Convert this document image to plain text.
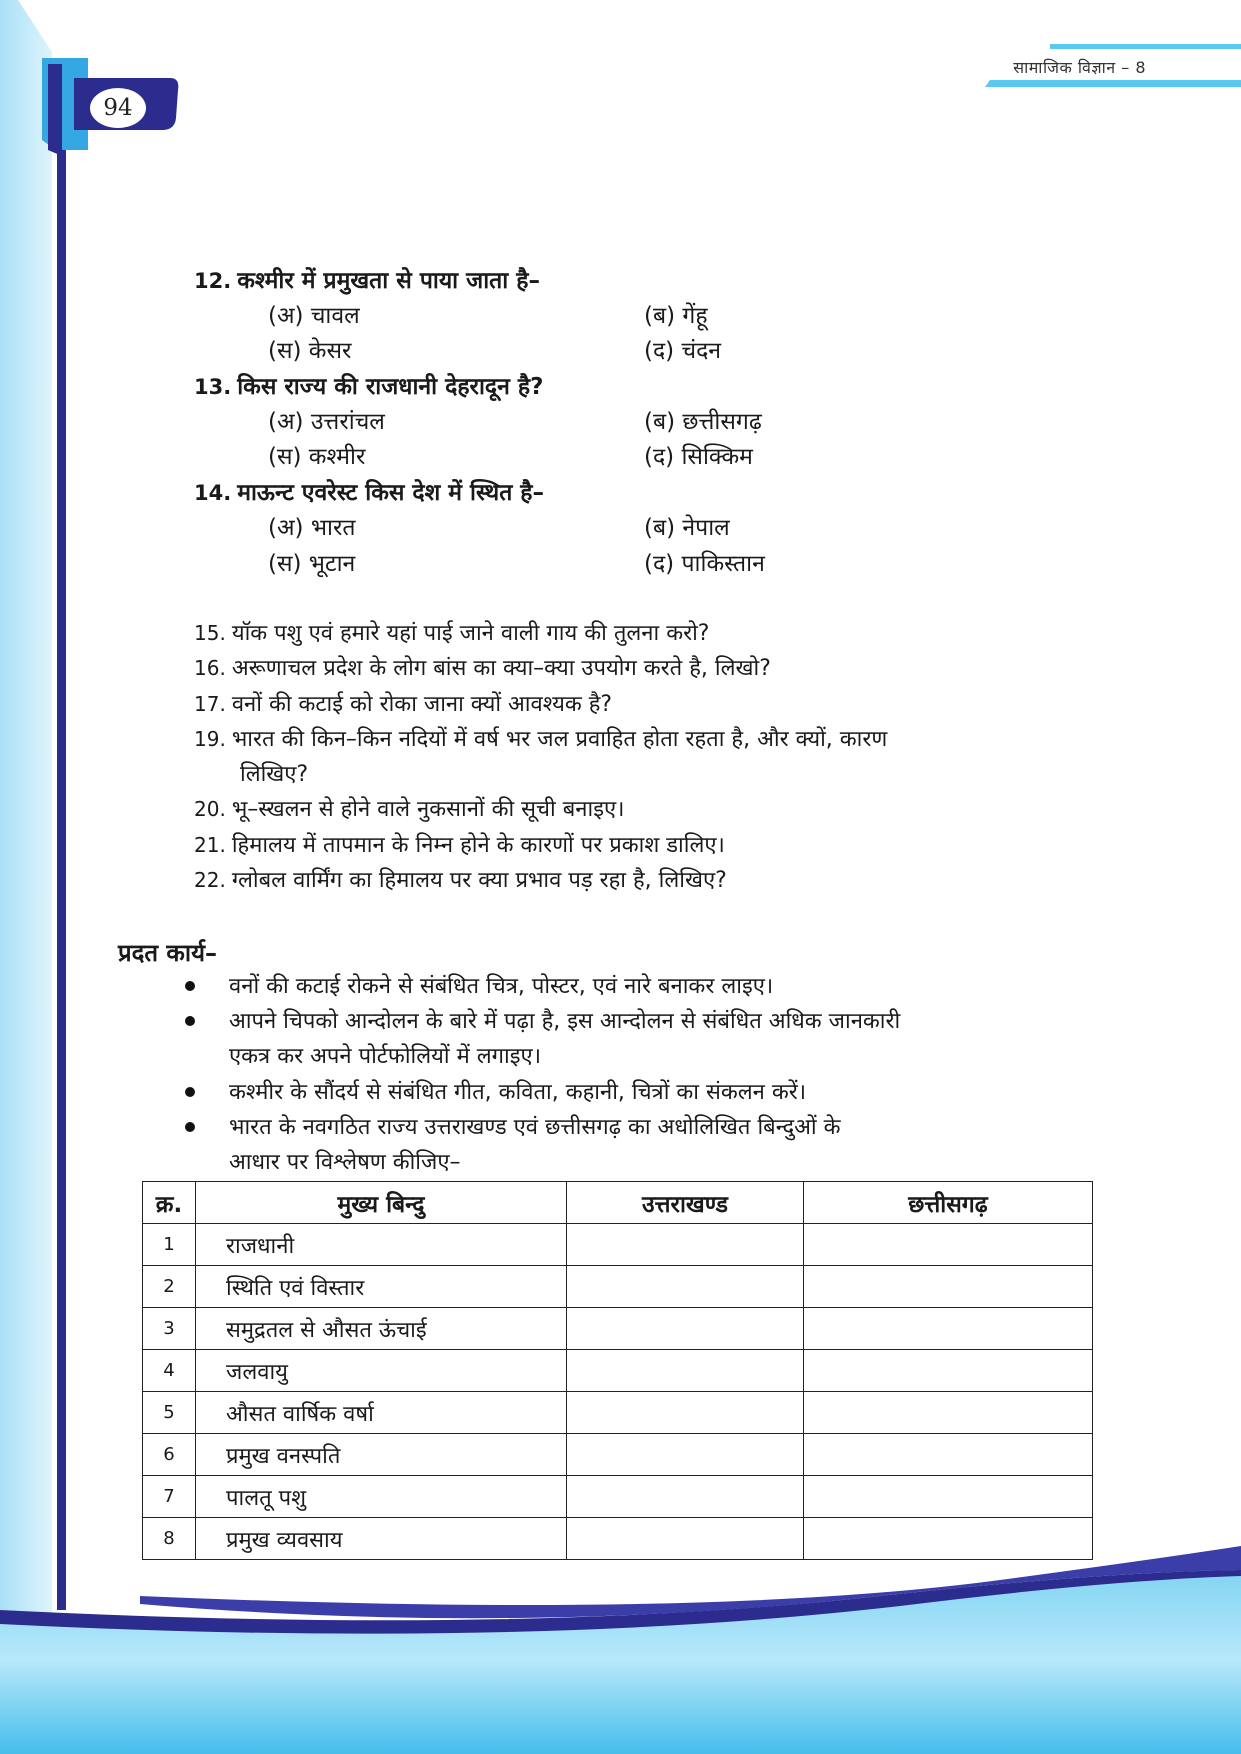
94
सामाजिक विज्ञान – 8
12. कश्मीर में प्रमुखता से पाया जाता है–
(अ) चावल	(ब) गेंहू
(स) केसर	(द) चंदन
13. किस राज्य की राजधानी देहरादून है?
(अ) उत्तरांचल	(ब) छत्तीसगढ़
(स) कश्मीर	(द) सिक्किम
14. माऊन्ट एवरेस्ट किस देश में स्थित है–
(अ) भारत	(ब) नेपाल
(स) भूटान	(द) पाकिस्तान
15. यॉक पशु एवं हमारे यहां पाई जाने वाली गाय की तुलना करो?
16. अरूणाचल प्रदेश के लोग बांस का क्या–क्या उपयोग करते है, लिखो?
17. वनों की कटाई को रोका जाना क्यों आवश्यक है?
19. भारत की किन–किन नदियों में वर्ष भर जल प्रवाहित होता रहता है, और क्यों, कारण
लिखिए?
20. भू–स्खलन से होने वाले नुकसानों की सूची बनाइए।
21. हिमालय में तापमान के निम्न होने के कारणों पर प्रकाश डालिए।
22. ग्लोबल वार्मिंग का हिमालय पर क्या प्रभाव पड़ रहा है, लिखिए?
प्रदत कार्य–
वनों की कटाई रोकने से संबंधित चित्र, पोस्टर, एवं नारे बनाकर लाइए।
आपने चिपको आन्दोलन के बारे में पढ़ा है, इस आन्दोलन से संबंधित अधिक जानकारी
एकत्र कर अपने पोर्टफोलियों में लगाइए।
कश्मीर के सौंदर्य से संबंधित गीत, कविता, कहानी, चित्रों का संकलन करें।
भारत के नवगठित राज्य उत्तराखण्ड एवं छत्तीसगढ़ का अधोलिखित बिन्दुओं के
आधार पर विश्लेषण कीजिए–
क्र.	मुख्य बिन्दु	उत्तराखण्ड	छत्तीसगढ़
1	राजधानी		
2	स्थिति एवं विस्तार		
3	समुद्रतल से औसत ऊंचाई		
4	जलवायु		
5	औसत वार्षिक वर्षा		
6	प्रमुख वनस्पति		
7	पालतू पशु		
8	प्रमुख व्यवसाय		
